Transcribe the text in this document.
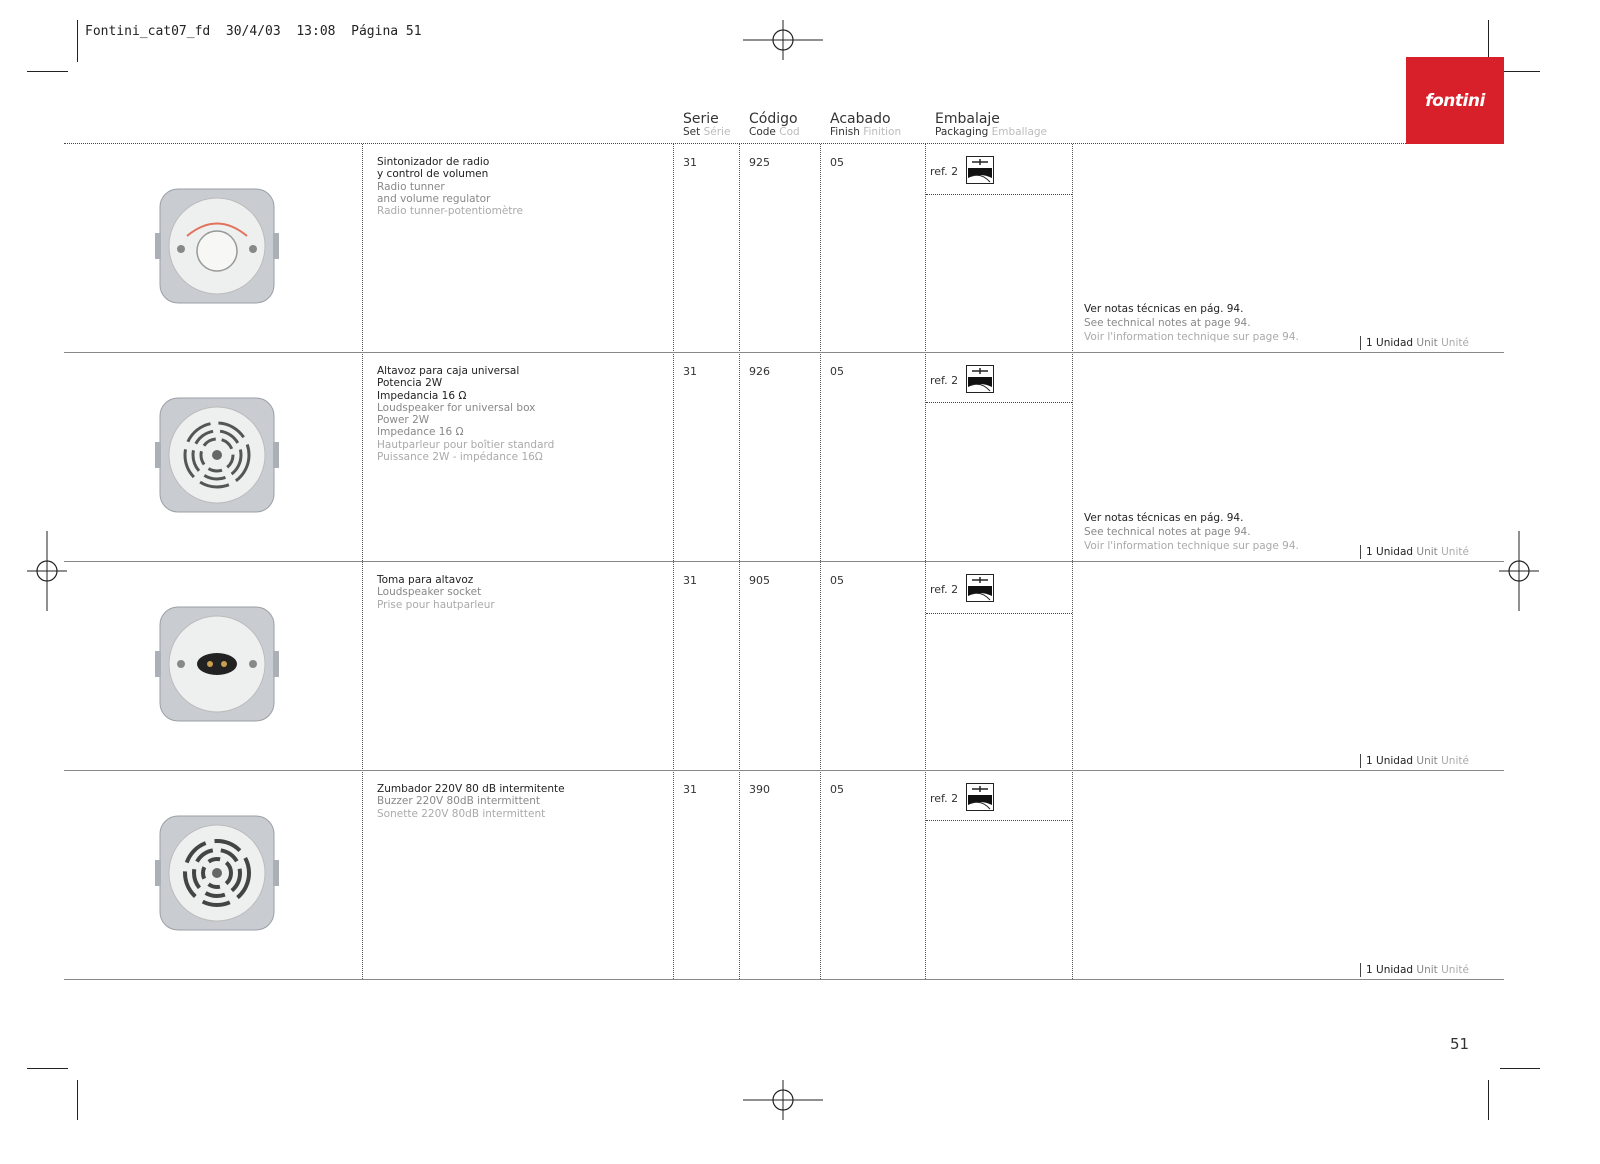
Fontini_cat07_fd 30/4/03 13:08 Página 51
fontini
Serie
Set Série
Código
Code Cod
Acabado
Finish Finition
Embalaje
Packaging Emballage
Sintonizador de radio
y control de volumen
Radio tunner
and volume regulator
Radio tunner-potentiomètre
31	925	05
ref. 2
Ver notas técnicas en pág. 94.
See technical notes at page 94.
Voir l'information technique sur page 94.	1 Unidad Unit Unité
Altavoz para caja universal
Potencia 2W
Impedancia 16 Ω
Loudspeaker for universal box
Power 2W
Impedance 16 Ω
Hautparleur pour boîtier standard
Puissance 2W - impédance 16Ω
31	926	05
ref. 2
Ver notas técnicas en pág. 94.
See technical notes at page 94.
Voir l'information technique sur page 94.	1 Unidad Unit Unité
Toma para altavoz
Loudspeaker socket
Prise pour hautparleur
31	905	05
ref. 2
1 Unidad Unit Unité
Zumbador 220V 80 dB intermitente
Buzzer 220V 80dB intermittent
Sonette 220V 80dB intermittent
31	390	05
ref. 2
1 Unidad Unit Unité
51
